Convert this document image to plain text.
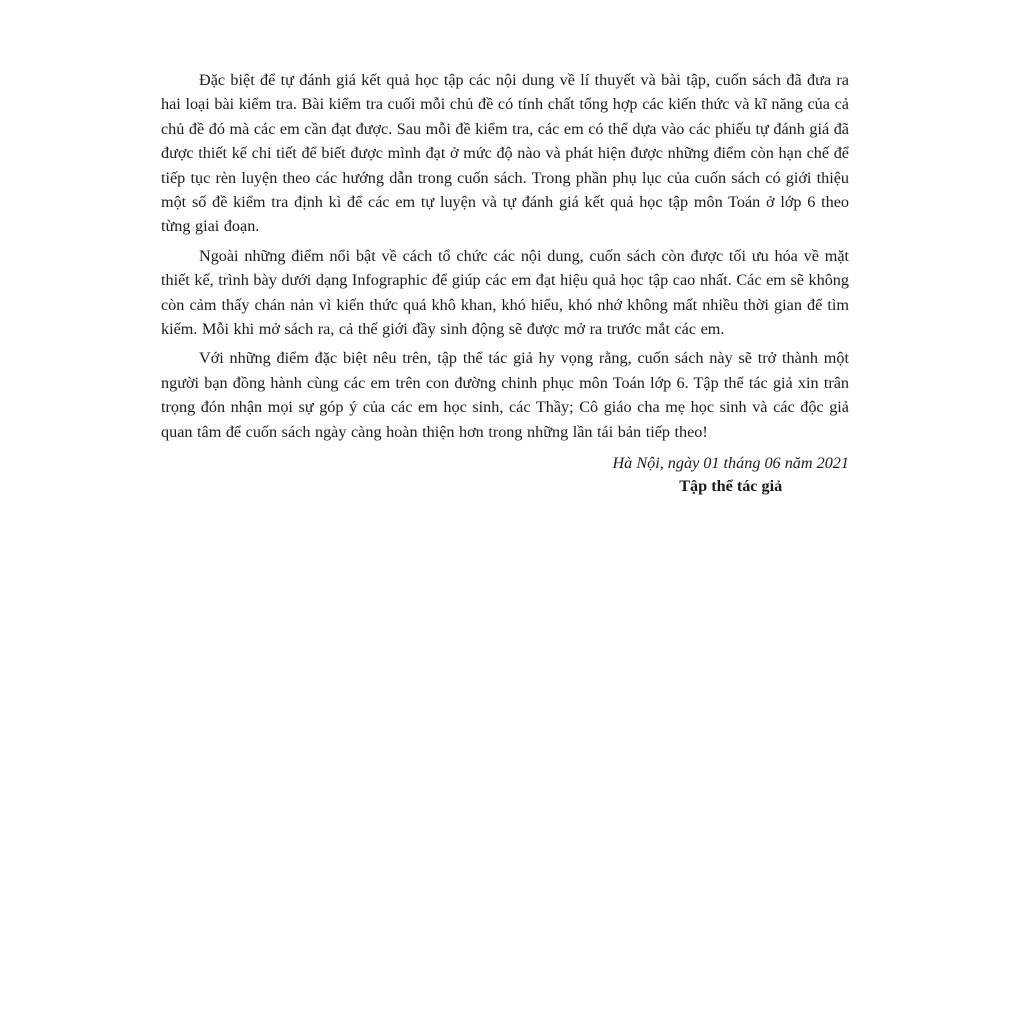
Đặc biệt để tự đánh giá kết quả học tập các nội dung về lí thuyết và bài tập, cuốn sách đã đưa ra hai loại bài kiểm tra. Bài kiểm tra cuối mỗi chủ đề có tính chất tổng hợp các kiến thức và kĩ năng của cả chủ đề đó mà các em cần đạt được. Sau mỗi đề kiểm tra, các em có thể dựa vào các phiếu tự đánh giá đã được thiết kế chi tiết để biết được mình đạt ở mức độ nào và phát hiện được những điểm còn hạn chế để tiếp tục rèn luyện theo các hướng dẫn trong cuốn sách. Trong phần phụ lục của cuốn sách có giới thiệu một số đề kiểm tra định kì để các em tự luyện và tự đánh giá kết quả học tập môn Toán ở lớp 6 theo từng giai đoạn.

Ngoài những điểm nổi bật về cách tổ chức các nội dung, cuốn sách còn được tối ưu hóa về mặt thiết kế, trình bày dưới dạng Infographic để giúp các em đạt hiệu quả học tập cao nhất. Các em sẽ không còn cảm thấy chán nản vì kiến thức quá khô khan, khó hiểu, khó nhớ không mất nhiều thời gian để tìm kiếm. Mỗi khi mở sách ra, cả thế giới đầy sinh động sẽ được mở ra trước mắt các em.

Với những điểm đặc biệt nêu trên, tập thể tác giả hy vọng rằng, cuốn sách này sẽ trở thành một người bạn đồng hành cùng các em trên con đường chinh phục môn Toán lớp 6. Tập thể tác giả xin trân trọng đón nhận mọi sự góp ý của các em học sinh, các Thầy; Cô giáo cha mẹ học sinh và các độc giả quan tâm để cuốn sách ngày càng hoàn thiện hơn trong những lần tái bản tiếp theo!

Hà Nội, ngày 01 tháng 06 năm 2021
Tập thể tác giả
